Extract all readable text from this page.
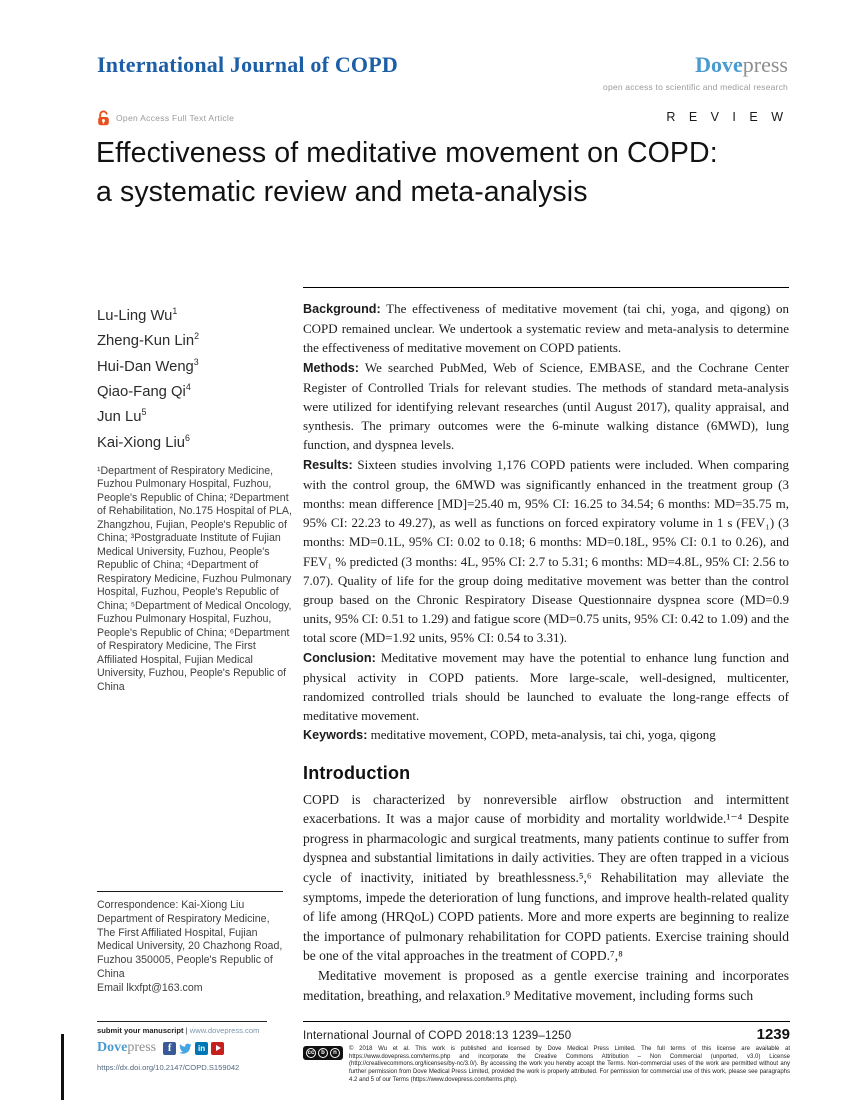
International Journal of COPD	Dovepress
open access to scientific and medical research
Open Access Full Text Article	R E V I E W
Effectiveness of meditative movement on COPD:
a systematic review and meta-analysis
Lu-Ling Wu$^1$
Zheng-Kun Lin$^2$
Hui-Dan Weng$^3$
Qiao-Fang Qi$^4$
Jun Lu$^5$
Kai-Xiong Liu$^6$
¹Department of Respiratory Medicine, Fuzhou Pulmonary Hospital, Fuzhou, People's Republic of China; ²Department of Rehabilitation, No.175 Hospital of PLA, Zhangzhou, Fujian, People's Republic of China; ³Postgraduate Institute of Fujian Medical University, Fuzhou, People's Republic of China; ⁴Department of Respiratory Medicine, Fuzhou Pulmonary Hospital, Fuzhou, People's Republic of China; ⁵Department of Medical Oncology, Fuzhou Pulmonary Hospital, Fuzhou, People's Republic of China; ⁶Department of Respiratory Medicine, The First Affiliated Hospital, Fujian Medical University, Fuzhou, People's Republic of China
Correspondence: Kai-Xiong Liu
Department of Respiratory Medicine, The First Affiliated Hospital, Fujian Medical University, 20 Chazhong Road, Fuzhou 350005, People's Republic of China
Email lkxfpt@163.com

Background: The effectiveness of meditative movement (tai chi, yoga, and qigong) on COPD remained unclear. We undertook a systematic review and meta-analysis to determine the effectiveness of meditative movement on COPD patients.

Methods: We searched PubMed, Web of Science, EMBASE, and the Cochrane Center Register of Controlled Trials for relevant studies. The methods of standard meta-analysis were utilized for identifying relevant researches (until August 2017), quality appraisal, and synthesis. The primary outcomes were the 6-minute walking distance (6MWD), lung function, and dyspnea levels.

Results: Sixteen studies involving 1,176 COPD patients were included. When comparing with the control group, the 6MWD was significantly enhanced in the treatment group (3 months: mean difference [MD]=25.40 m, 95% CI: 16.25 to 34.54; 6 months: MD=35.75 m, 95% CI: 22.23 to 49.27), as well as functions on forced expiratory volume in 1 s (FEV₁) (3 months: MD=0.1L, 95% CI: 0.02 to 0.18; 6 months: MD=0.18L, 95% CI: 0.1 to 0.26), and FEV₁ % predicted (3 months: 4L, 95% CI: 2.7 to 5.31; 6 months: MD=4.8L, 95% CI: 2.56 to 7.07). Quality of life for the group doing meditative movement was better than the control group based on the Chronic Respiratory Disease Questionnaire dyspnea score (MD=0.9 units, 95% CI: 0.51 to 1.29) and fatigue score (MD=0.75 units, 95% CI: 0.42 to 1.09) and the total score (MD=1.92 units, 95% CI: 0.54 to 3.31).

Conclusion: Meditative movement may have the potential to enhance lung function and physical activity in COPD patients. More large-scale, well-designed, multicenter, randomized controlled trials should be launched to evaluate the long-range effects of meditative movement.

Keywords: meditative movement, COPD, meta-analysis, tai chi, yoga, qigong

Introduction

COPD is characterized by nonreversible airflow obstruction and intermittent exacerbations. It was a major cause of morbidity and mortality worldwide.¹⁻⁴ Despite progress in pharmacologic and surgical treatments, many patients continue to suffer from dyspnea and substantial limitations in daily activities. They are often trapped in a vicious cycle of inactivity, initiated by breathlessness.⁵,⁶ Rehabilitation may alleviate the symptoms, impede the deterioration of lung functions, and improve health-related quality of life among (HRQoL) COPD patients. More and more experts are beginning to realize the importance of pulmonary rehabilitation for COPD patients. Exercise training should be one of the vital approaches in the treatment of COPD.⁷,⁸

Meditative movement is proposed as a gentle exercise training and incorporates meditation, breathing, and relaxation.⁹ Meditative movement, including forms such

submit your manuscript | www.dovepress.com
Dovepress	f	in
https://dx.doi.org/10.2147/COPD.S159042
International Journal of COPD 2018:13 1239–1250	1239
cc	b	n
© 2018 Wu et al. This work is published and licensed by Dove Medical Press Limited. The full terms of this license are available at https://www.dovepress.com/terms.php and incorporate the Creative Commons Attribution – Non Commercial (unported, v3.0) License (http://creativecommons.org/licenses/by-nc/3.0/). By accessing the work you hereby accept the Terms. Non-commercial uses of the work are permitted without any further permission from Dove Medical Press Limited, provided the work is properly attributed. For permission for commercial use of this work, please see paragraphs 4.2 and 5 of our Terms (https://www.dovepress.com/terms.php).
